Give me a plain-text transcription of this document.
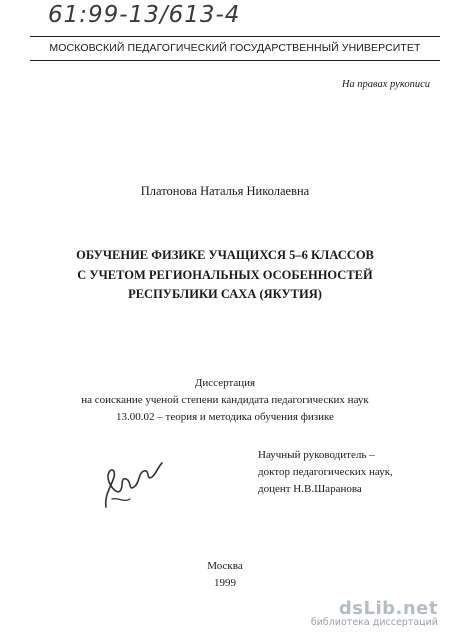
61:99-13/613-4
МОСКОВСКИЙ ПЕДАГОГИЧЕСКИЙ ГОСУДАРСТВЕННЫЙ УНИВЕРСИТЕТ
На правах рукописи
Платонова Наталья Николаевна
ОБУЧЕНИЕ ФИЗИКЕ УЧАЩИХСЯ 5–6 КЛАССОВ
С УЧЕТОМ РЕГИОНАЛЬНЫХ ОСОБЕННОСТЕЙ
РЕСПУБЛИКИ САХА (ЯКУТИЯ)
Диссертация
на соискание ученой степени кандидата педагогических наук
13.00.02 – теория и методика обучения физике
Научный руководитель –
доктор педагогических наук,
доцент Н.В.Шаранова
Москва
1999
dsLib.net
библиотека диссертаций
